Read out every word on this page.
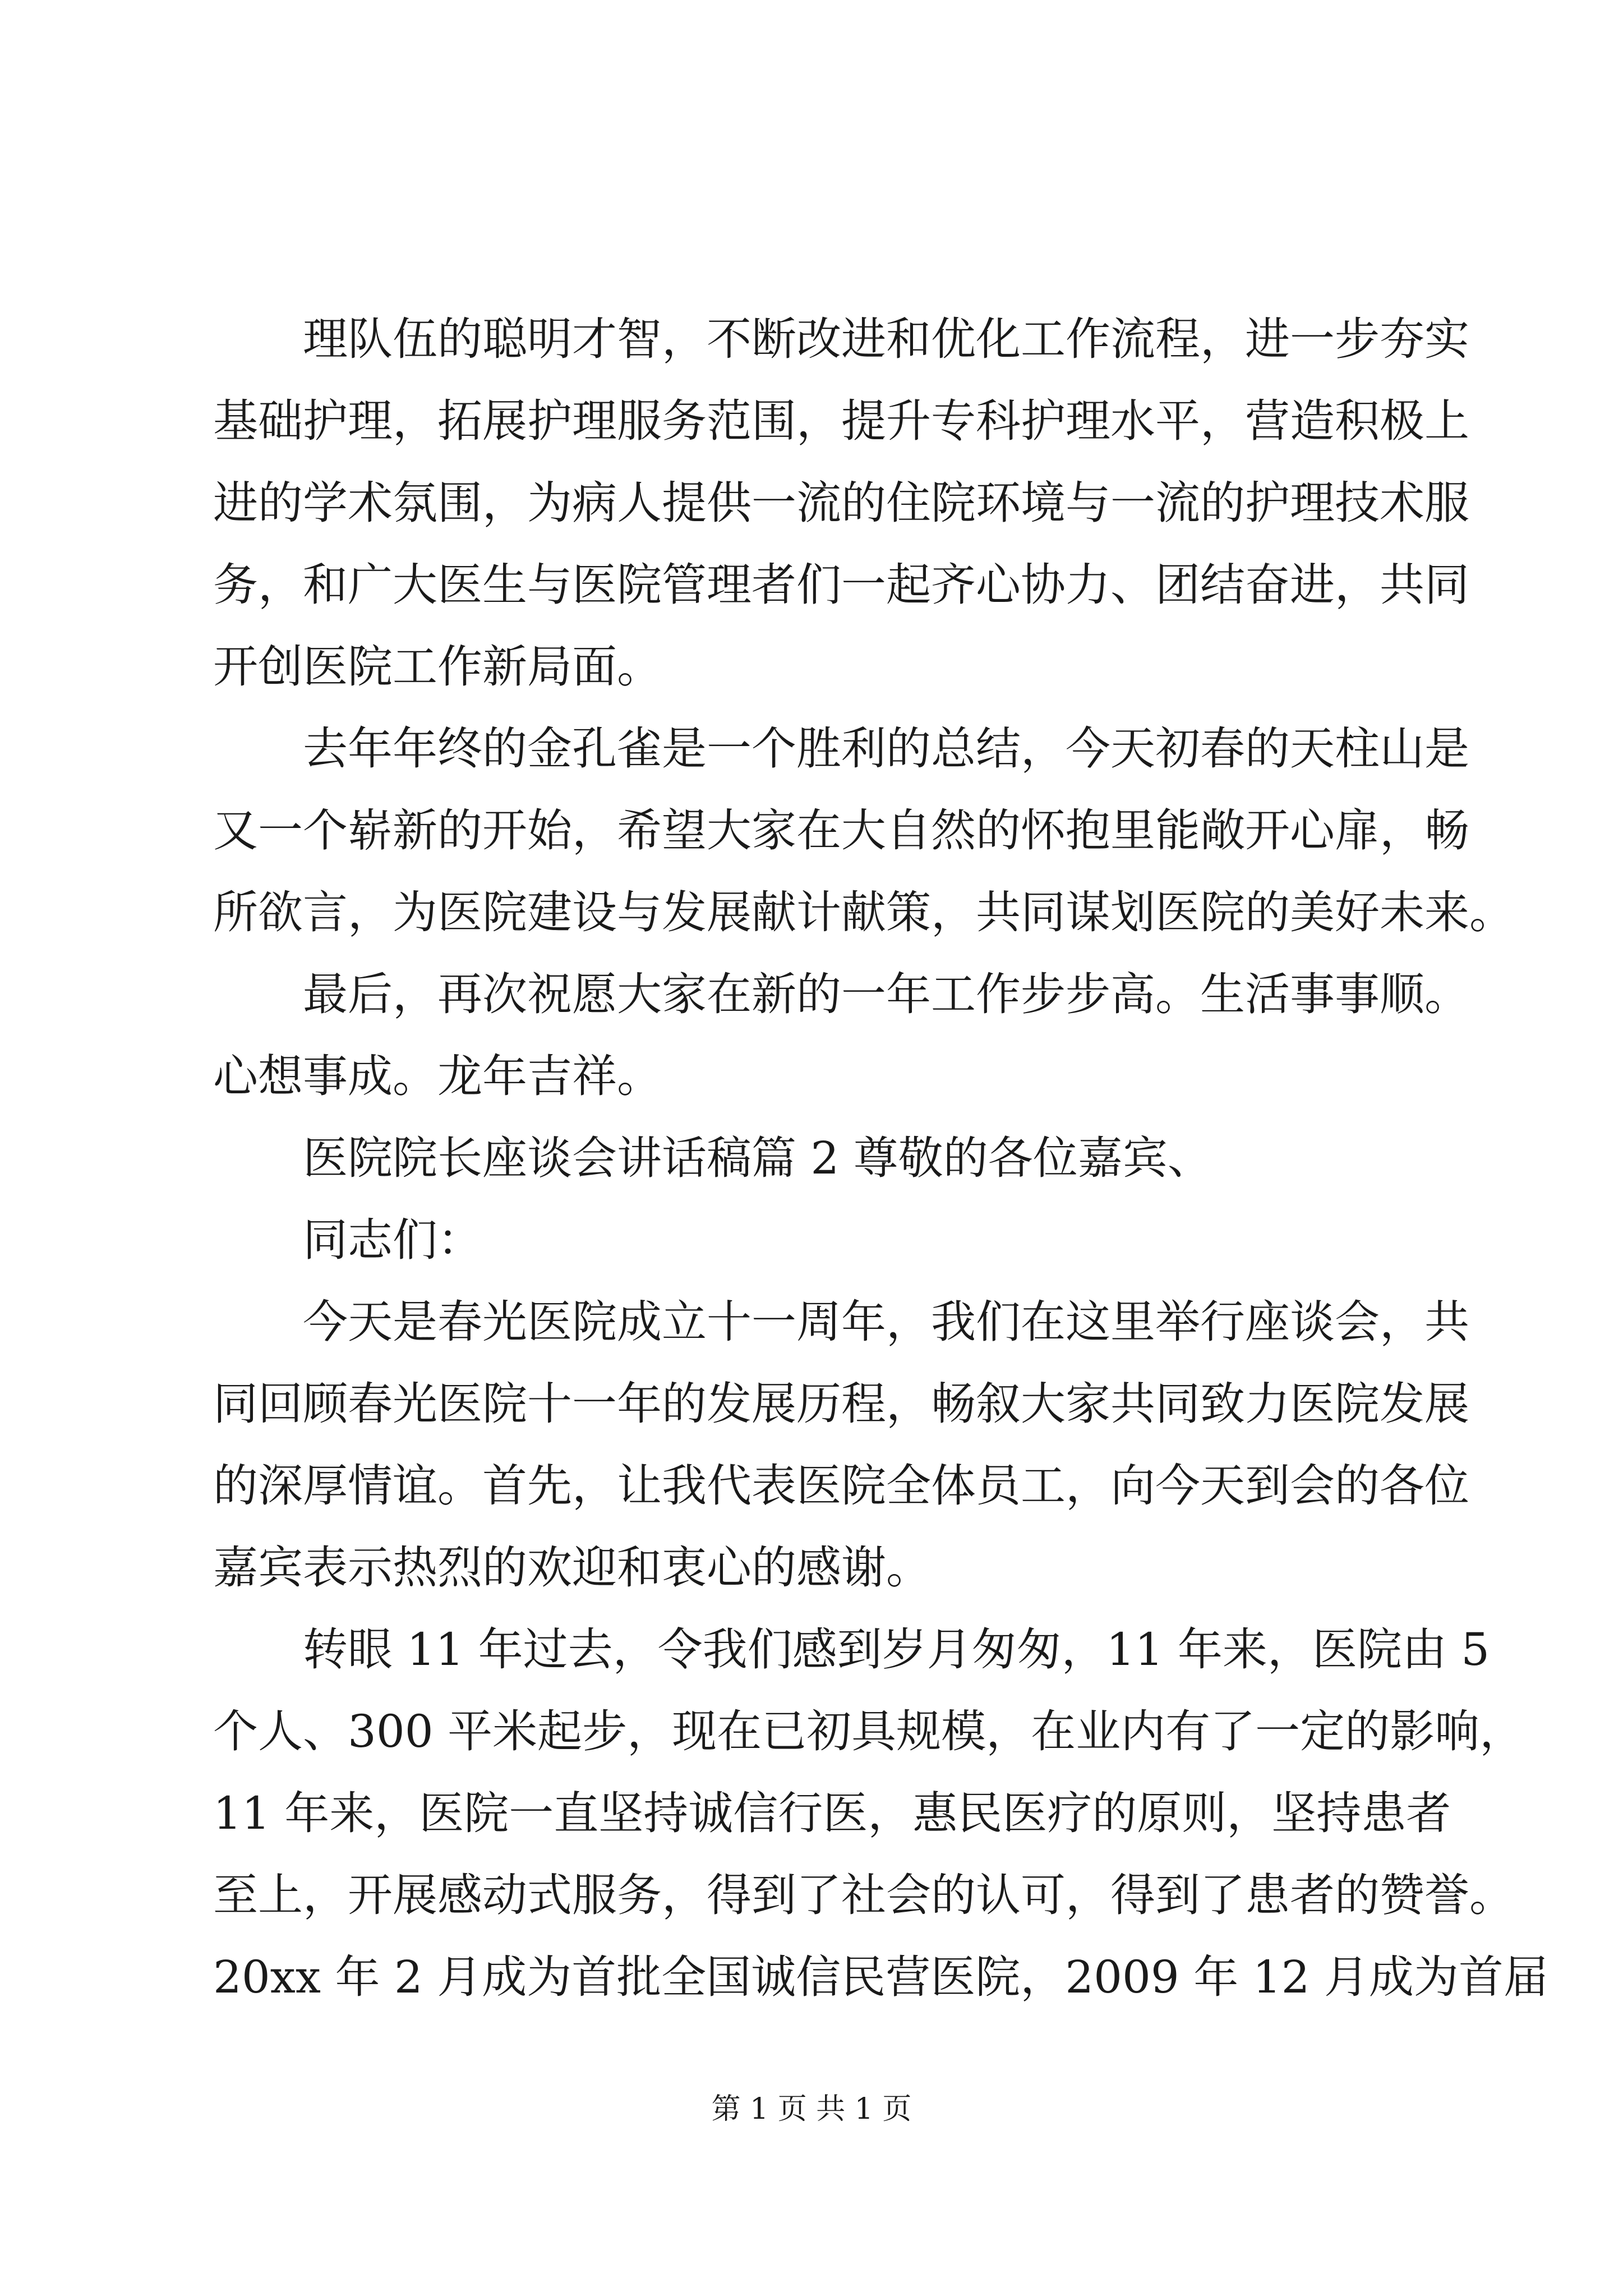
理队伍的聪明才智，不断改进和优化工作流程，进一步夯实
基础护理，拓展护理服务范围，提升专科护理水平，营造积极上
进的学术氛围，为病人提供一流的住院环境与一流的护理技术服
务，和广大医生与医院管理者们一起齐心协力、团结奋进，共同
开创医院工作新局面。
去年年终的金孔雀是一个胜利的总结，今天初春的天柱山是
又一个崭新的开始，希望大家在大自然的怀抱里能敞开心扉，畅
所欲言，为医院建设与发展献计献策，共同谋划医院的美好未来。
最后，再次祝愿大家在新的一年工作步步高。生活事事顺。
心想事成。龙年吉祥。
医院院长座谈会讲话稿篇 2 尊敬的各位嘉宾、
同志们：
今天是春光医院成立十一周年，我们在这里举行座谈会，共
同回顾春光医院十一年的发展历程，畅叙大家共同致力医院发展
的深厚情谊。首先，让我代表医院全体员工，向今天到会的各位
嘉宾表示热烈的欢迎和衷心的感谢。
转眼 11 年过去，令我们感到岁月匆匆，11 年来，医院由 5
个人、300 平米起步，现在已初具规模，在业内有了一定的影响，
11 年来，医院一直坚持诚信行医，惠民医疗的原则，坚持患者
至上，开展感动式服务，得到了社会的认可，得到了患者的赞誉。
20xx 年 2 月成为首批全国诚信民营医院，2009 年 12 月成为首届
第 1 页 共 1 页
